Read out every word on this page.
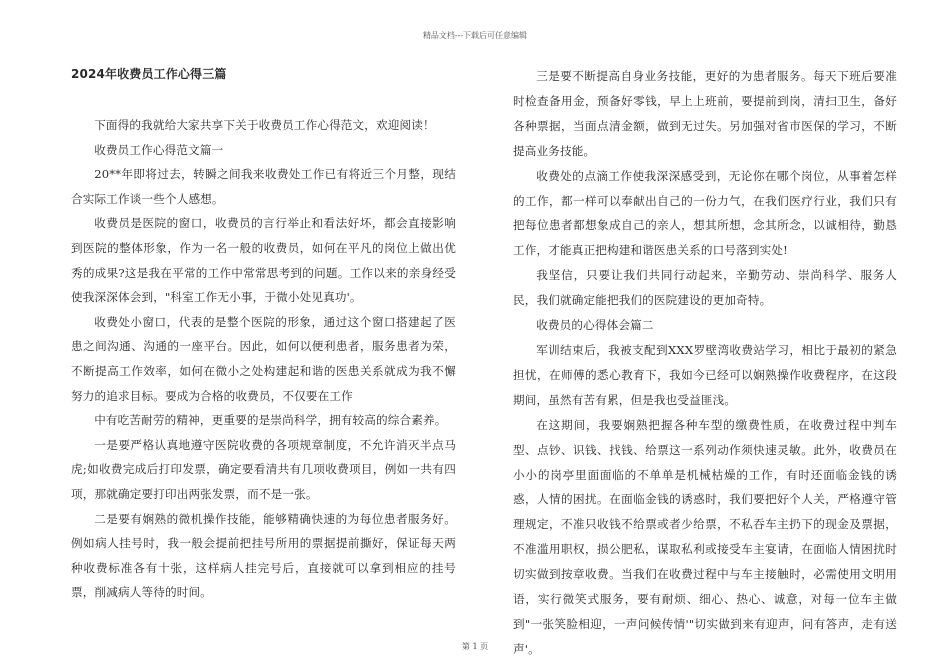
精品文档---下载后可任意编辑
2024年收费员工作心得三篇

下面得的我就给大家共享下关于收费员工作心得范文，欢迎阅读！

收费员工作心得范文篇一

20**年即将过去，转瞬之间我来收费处工作已有将近三个月整，现结合实际工作谈一些个人感想。

收费员是医院的窗口，收费员的言行举止和看法好坏，都会直接影响到医院的整体形象，作为一名一般的收费员，如何在平凡的岗位上做出优秀的成果?这是我在平常的工作中常常思考到的问题。工作以来的亲身经受使我深深体会到，"科室工作无小事，于微小处见真功'。

收费处小窗口，代表的是整个医院的形象，通过这个窗口搭建起了医患之间沟通、沟通的一座平台。因此，如何以便利患者，服务患者为荣，不断提高工作效率，如何在微小之处构建起和谐的医患关系就成为我不懈努力的追求目标。要成为合格的收费员，不仅要在工作

中有吃苦耐劳的精神，更重要的是崇尚科学，拥有较高的综合素养。

一是要严格认真地遵守医院收费的各项规章制度，不允许消灭半点马虎;如收费完成后打印发票，确定要看清共有几项收费项目，例如一共有四项，那就确定要打印出两张发票，而不是一张。

二是要有娴熟的微机操作技能，能够精确快速的为每位患者服务好。例如病人挂号时，我一般会提前把挂号所用的票据提前撕好，保证每天两种收费标准各有十张，这样病人挂完号后，直接就可以拿到相应的挂号票，削减病人等待的时间。

三是要不断提高自身业务技能，更好的为患者服务。每天下班后要准时检查备用金，预备好零钱，早上上班前，要提前到岗，清扫卫生，备好各种票据，当面点清金额，做到无过失。另加强对省市医保的学习，不断提高业务技能。

收费处的点滴工作使我深深感受到，无论你在哪个岗位，从事着怎样的工作，都一样可以奉献出自己的一份力气，在我们医疗行业，我们只有把每位患者都想象成自己的亲人，想其所想，念其所念，以诚相待，勤恳工作，才能真正把构建和谐医患关系的口号落到实处!

我坚信，只要让我们共同行动起来，辛勤劳动、崇尚科学、服务人民，我们就确定能把我们的医院建设的更加奇特。

收费员的心得体会篇二

军训结束后，我被支配到XXX罗壁湾收费站学习，相比于最初的紧急担忧，在师傅的悉心教育下，我如今已经可以娴熟操作收费程序，在这段期间，虽然有苦有累，但是我也受益匪浅。

在这期间，我要娴熟把握各种车型的缴费性质，在收费过程中判车型、点钞、识钱、找钱、给票这一系列动作须快速灵敏。此外，收费员在小小的岗亭里面面临的不单单是机械枯燥的工作，有时还面临金钱的诱惑，人情的困扰。在面临金钱的诱惑时，我们要把好个人关，严格遵守管理规定，不准只收钱不给票或者少给票，不私吞车主扔下的现金及票据，不准滥用职权，损公肥私，谋取私利或接受车主宴请，在面临人情困扰时切实做到按章收费。当我们在收费过程中与车主接触时，必需使用文明用语，实行微笑式服务，要有耐烦、细心、热心、诚意，对每一位车主做到"一张笑脸相迎，一声问候传情'"切实做到来有迎声，问有答声，走有送声'。

第 1 页
